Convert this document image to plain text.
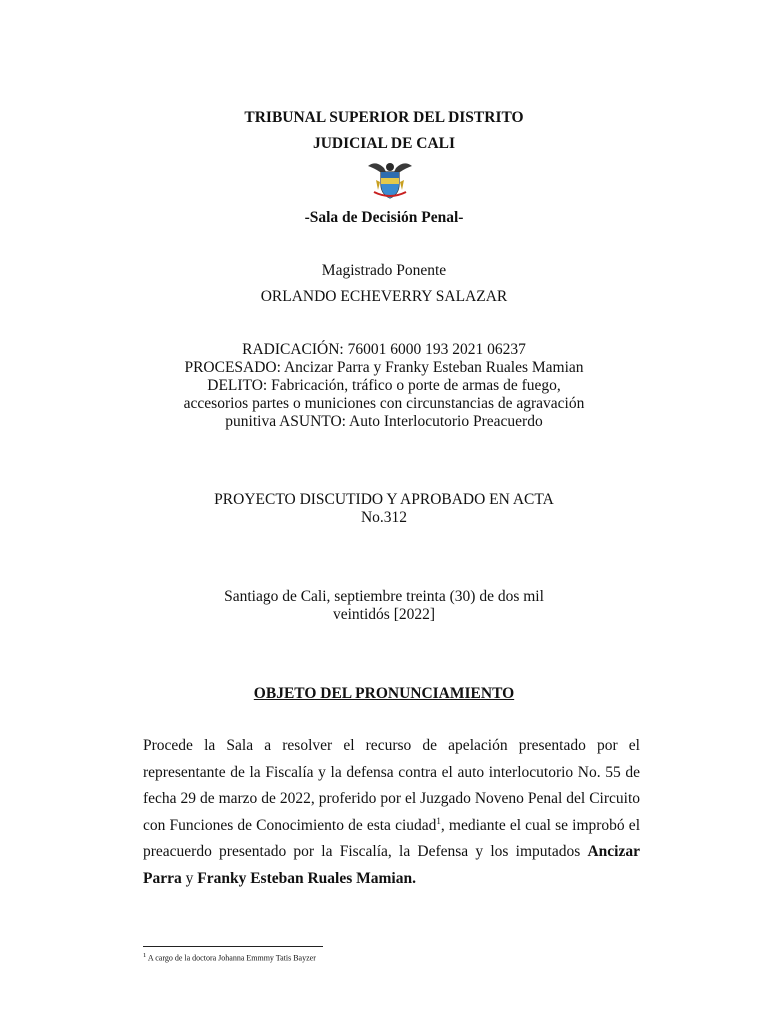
TRIBUNAL SUPERIOR DEL DISTRITO
JUDICIAL DE CALI
-Sala de Decisión Penal-
Magistrado Ponente
ORLANDO ECHEVERRY SALAZAR
RADICACIÓN: 76001 6000 193 2021 06237
PROCESADO: Ancizar Parra y Franky Esteban Ruales Mamian
DELITO: Fabricación, tráfico o porte de armas de fuego,
accesorios partes o municiones con circunstancias de agravación
punitiva ASUNTO: Auto Interlocutorio Preacuerdo
PROYECTO DISCUTIDO Y APROBADO EN ACTA
No.312
Santiago de Cali, septiembre treinta (30) de dos mil
veintidós [2022]
OBJETO DEL PRONUNCIAMIENTO
Procede la Sala a resolver el recurso de apelación presentado por el representante de la Fiscalía y la defensa contra el auto interlocutorio No. 55 de fecha 29 de marzo de 2022, proferido por el Juzgado Noveno Penal del Circuito con Funciones de Conocimiento de esta ciudad$^1$, mediante el cual se improbó el preacuerdo presentado por la Fiscalía, la Defensa y los imputados Ancizar Parra y Franky Esteban Ruales Mamian.
$^1$ A cargo de la doctora Johanna Emmmy Tatis Bayzer
